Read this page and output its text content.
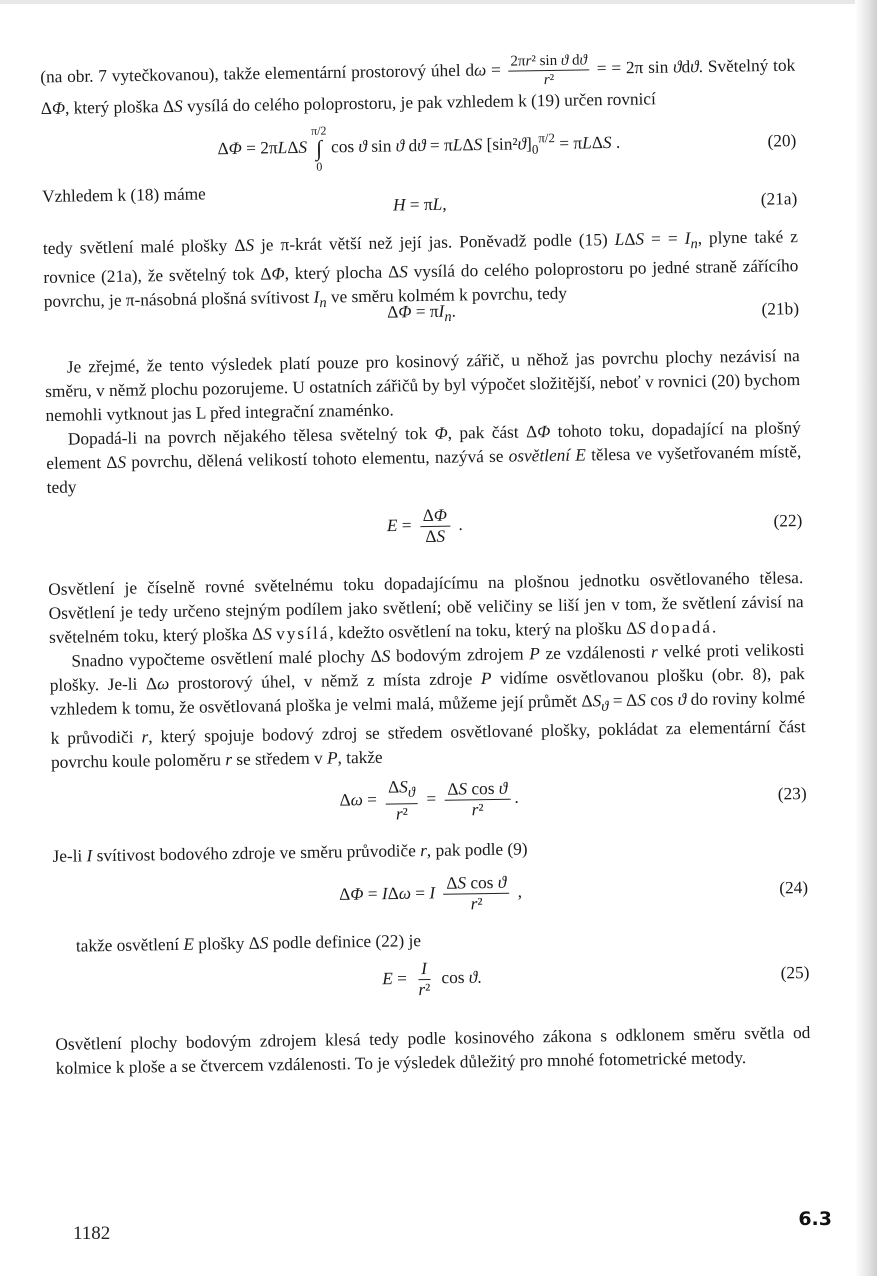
(na obr. 7 vytečkovanou), takže elementární prostorový úhel $d\omega = \frac{\text{2πr² sin ϑ dϑ}}{\text{r²}}$ = = 2π sin ϑdϑ. Světelný tok ΔΦ, který ploška ΔS vysílá do celého poloprostoru, je pak vzhledem k (19) určen rovnicí

ΔΦ = 2πLΔS
π/2
∫
0
cos ϑ sin ϑ dϑ = πLΔS $[\sin^2ϑ]_0^{\pi/2} = \pi L\Delta S$ .	(20)

Vzhledem k (18) máme	H = πL,	(21a)

tedy světlení malé plošky ΔS je π-krát větší než její jas. Poněvadž podle (15) LΔS = = $I_n$, plyne také z rovnice (21a), že světelný tok ΔΦ, který plocha ΔS vysílá do celého poloprostoru po jedné straně zářícího povrchu, je π-násobná plošná svítivost $I_n$ ve směru kolmém k povrchu, tedy

$\Delta\Phi = \pi I_n$.	(21b)

Je zřejmé, že tento výsledek platí pouze pro kosinový zářič, u něhož jas povrchu plochy nezávisí na směru, v němž plochu pozorujeme. U ostatních zářičů by byl výpočet složitější, neboť v rovnici (20) bychom nemohli vytknout jas L před integrační znaménko.

Dopadá-li na povrch nějakého tělesa světelný tok Φ, pak část ΔΦ tohoto toku, dopadající na plošný element ΔS povrchu, dělená velikostí tohoto elementu, nazývá se osvětlení E tělesa ve vyšetřovaném místě, tedy

$E = \frac{\Delta\Phi}{\Delta S}$ .	(22)

Osvětlení je číselně rovné světelnému toku dopadajícímu na plošnou jednotku osvětlovaného tělesa. Osvětlení je tedy určeno stejným podílem jako světlení; obě veličiny se liší jen v tom, že světlení závisí na světelném toku, který ploška ΔS vysílá, kdežto osvětlení na toku, který na plošku ΔS dopadá.

Snadno vypočteme osvětlení malé plochy ΔS bodovým zdrojem P ze vzdálenosti r velké proti velikosti plošky. Je-li Δω prostorový úhel, v němž z místa zdroje P vidíme osvětlovanou plošku (obr. 8), pak vzhledem k tomu, že osvětlovaná ploška je velmi malá, můžeme její průmět $\Delta S_ϑ = \Delta S$ cos ϑ do roviny kolmé k průvodiči r, který spojuje bodový zdroj se středem osvětlované plošky, pokládat za elementární část povrchu koule poloměru r se středem v P, takže

$\Delta\omega = \frac{\Delta S_ϑ}{\text{r²}} = \frac{\text{ΔS cos ϑ}}{\text{r²}}$ .	(23)

Je-li I svítivost bodového zdroje ve směru průvodiče r, pak podle (9)

ΔΦ = IΔω = I $\frac{\text{ΔS cos ϑ}}{\text{r²}}$ ,	(24)

takže osvětlení E plošky ΔS podle definice (22) je

$E = \frac{I}{\text{r²}}$ cos ϑ.	(25)

Osvětlení plochy bodovým zdrojem klesá tedy podle kosinového zákona s odklonem směru světla od kolmice k ploše a se čtvercem vzdálenosti. To je výsledek důležitý pro mnohé fotometrické metody.

1182
6.3
